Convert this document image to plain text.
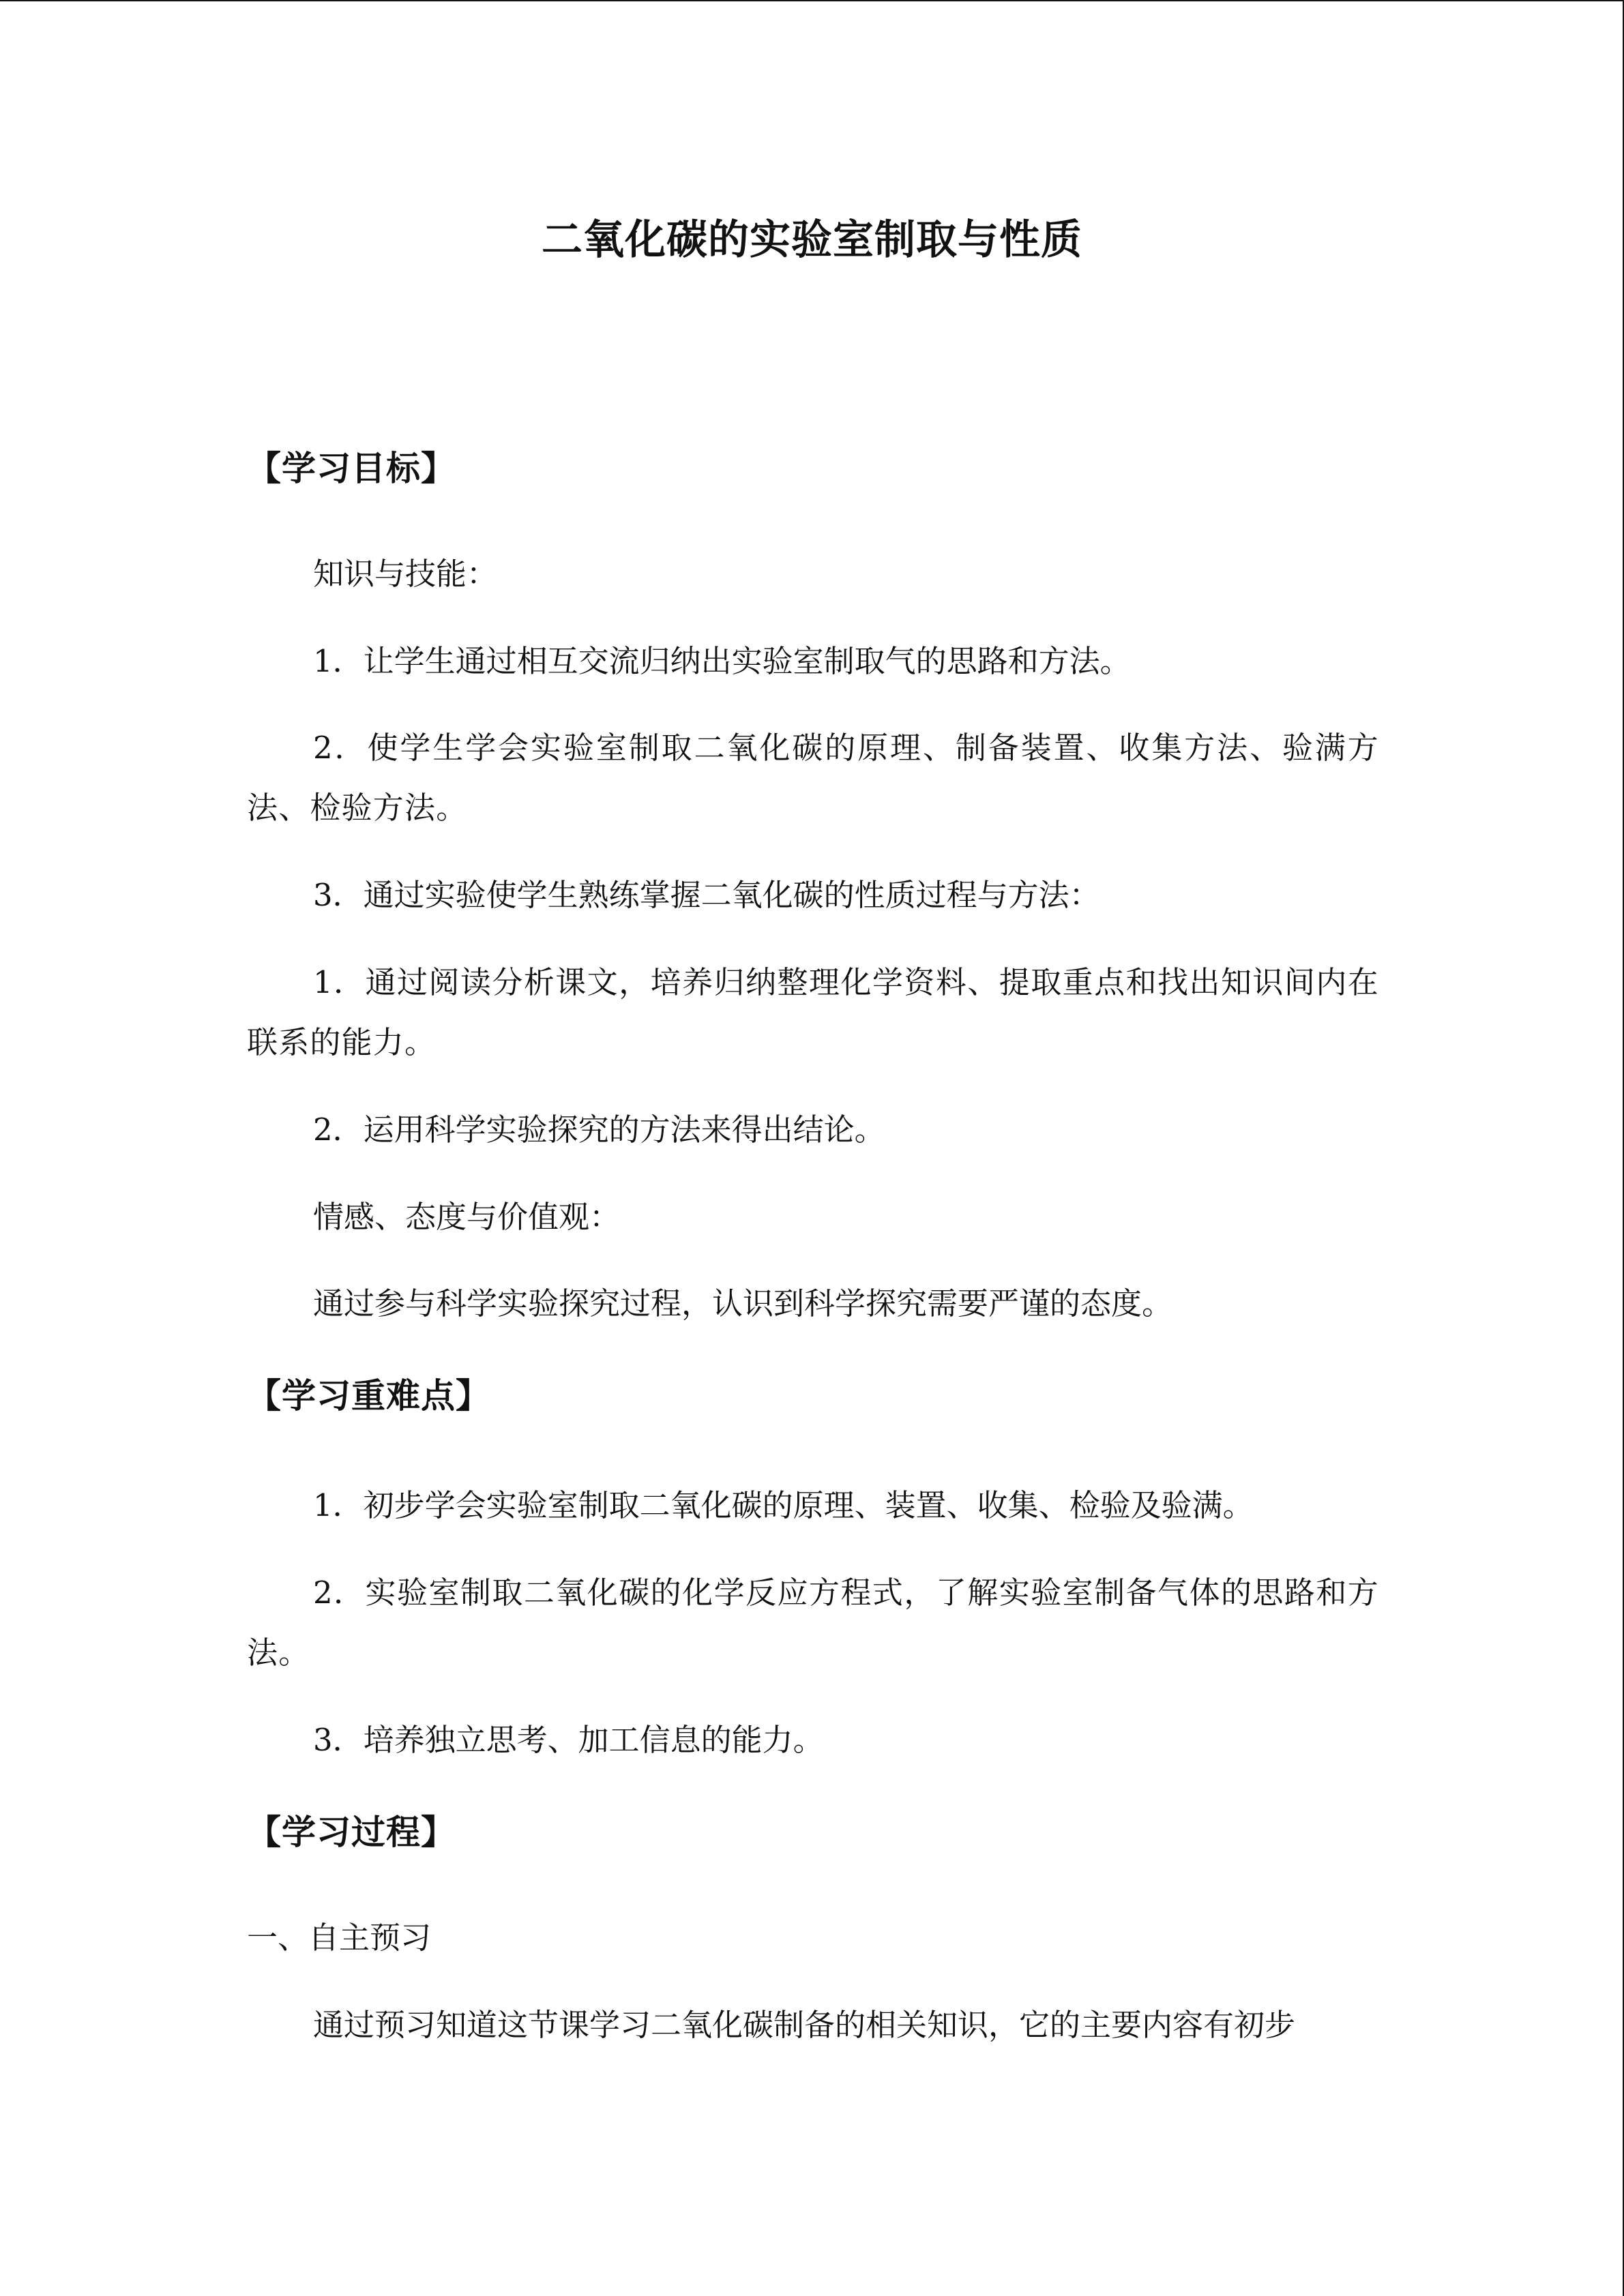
二氧化碳的实验室制取与性质
【学习目标】

知识与技能：

1．让学生通过相互交流归纳出实验室制取气的思路和方法。

2．使学生学会实验室制取二氧化碳的原理、制备装置、收集方法、验满方法、检验方法。

3．通过实验使学生熟练掌握二氧化碳的性质过程与方法：

1．通过阅读分析课文，培养归纳整理化学资料、提取重点和找出知识间内在联系的能力。

2．运用科学实验探究的方法来得出结论。

情感、态度与价值观：

通过参与科学实验探究过程，认识到科学探究需要严谨的态度。

【学习重难点】

1．初步学会实验室制取二氧化碳的原理、装置、收集、检验及验满。

2．实验室制取二氧化碳的化学反应方程式，了解实验室制备气体的思路和方法。

3．培养独立思考、加工信息的能力。

【学习过程】

一、自主预习

通过预习知道这节课学习二氧化碳制备的相关知识，它的主要内容有初步
